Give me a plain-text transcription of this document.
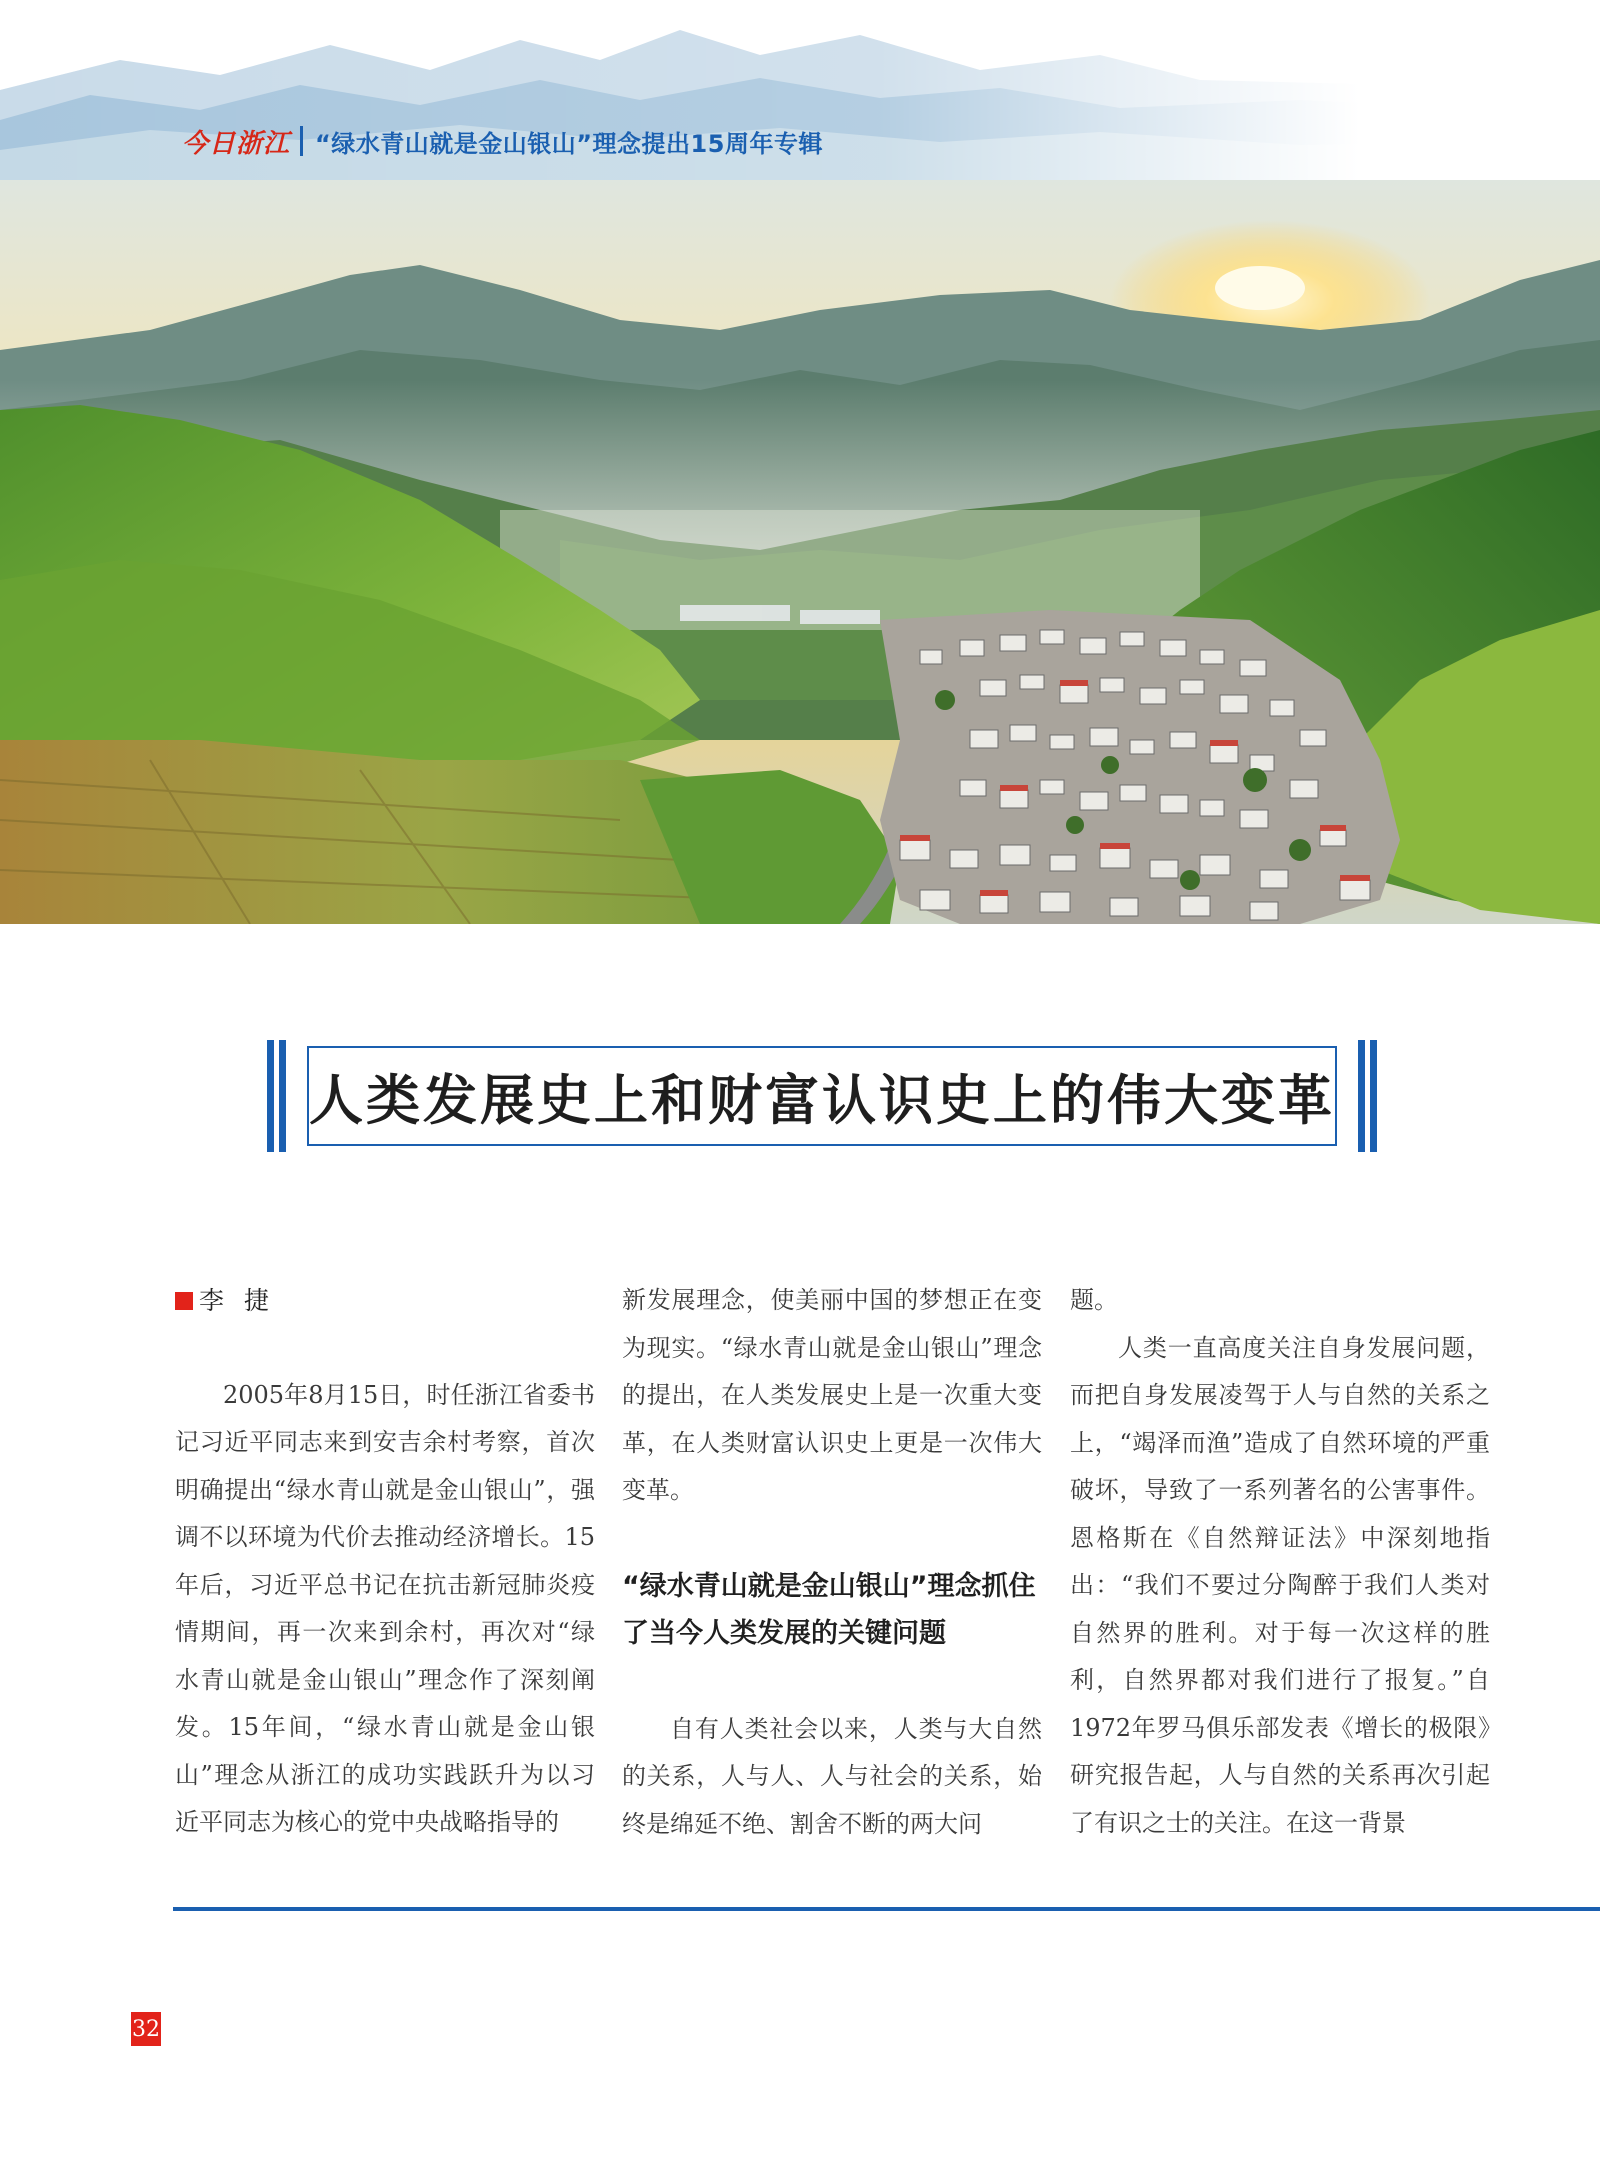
今日浙江 “绿水青山就是金山银山”理念提出15周年专辑
人类发展史上和财富认识史上的伟大变革
李捷

2005年8月15日，时任浙江省委书记习近平同志来到安吉余村考察，首次明确提出“绿水青山就是金山银山”，强调不以环境为代价去推动经济增长。15年后，习近平总书记在抗击新冠肺炎疫情期间，再一次来到余村，再次对“绿水青山就是金山银山”理念作了深刻阐发。15年间，“绿水青山就是金山银山”理念从浙江的成功实践跃升为以习近平同志为核心的党中央战略指导的

新发展理念，使美丽中国的梦想正在变为现实。“绿水青山就是金山银山”理念的提出，在人类发展史上是一次重大变革，在人类财富认识史上更是一次伟大变革。

“绿水青山就是金山银山”理念抓住了当今人类发展的关键问题

自有人类社会以来，人类与大自然的关系，人与人、人与社会的关系，始终是绵延不绝、割舍不断的两大问

题。

人类一直高度关注自身发展问题，而把自身发展凌驾于人与自然的关系之上，“竭泽而渔”造成了自然环境的严重破坏，导致了一系列著名的公害事件。恩格斯在《自然辩证法》中深刻地指出：“我们不要过分陶醉于我们人类对自然界的胜利。对于每一次这样的胜利，自然界都对我们进行了报复。”自1972年罗马俱乐部发表《增长的极限》研究报告起，人与自然的关系再次引起了有识之士的关注。在这一背景

32
